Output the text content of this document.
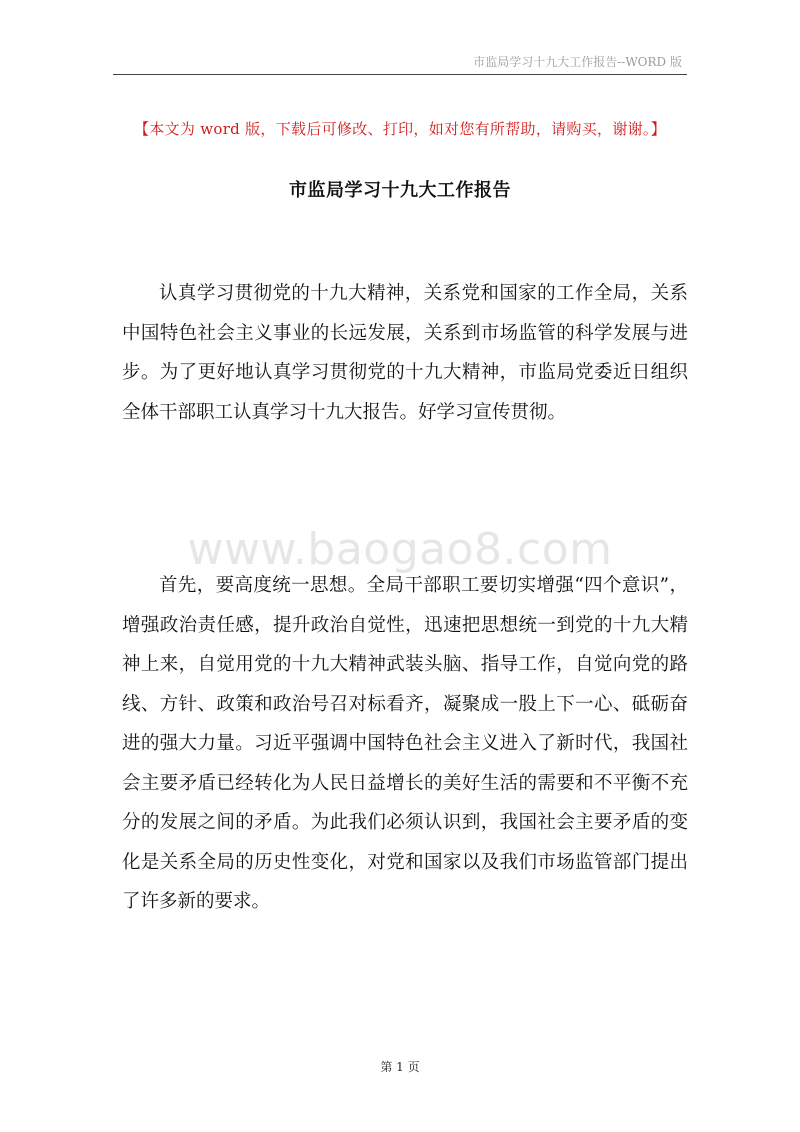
市监局学习十九大工作报告--WORD 版
【本文为 word 版，下载后可修改、打印，如对您有所帮助，请购买，谢谢。】
市监局学习十九大工作报告

认真学习贯彻党的十九大精神，关系党和国家的工作全局，关系中国特色社会主义事业的长远发展，关系到市场监管的科学发展与进步。为了更好地认真学习贯彻党的十九大精神，市监局党委近日组织全体干部职工认真学习十九大报告。好学习宣传贯彻。

www.baogao8.com

首先，要高度统一思想。全局干部职工要切实增强“四个意识”，增强政治责任感，提升政治自觉性，迅速把思想统一到党的十九大精神上来，自觉用党的十九大精神武装头脑、指导工作，自觉向党的路线、方针、政策和政治号召对标看齐，凝聚成一股上下一心、砥砺奋进的强大力量。习近平强调中国特色社会主义进入了新时代，我国社会主要矛盾已经转化为人民日益增长的美好生活的需要和不平衡不充分的发展之间的矛盾。为此我们必须认识到，我国社会主要矛盾的变化是关系全局的历史性变化，对党和国家以及我们市场监管部门提出了许多新的要求。

第 1 页
